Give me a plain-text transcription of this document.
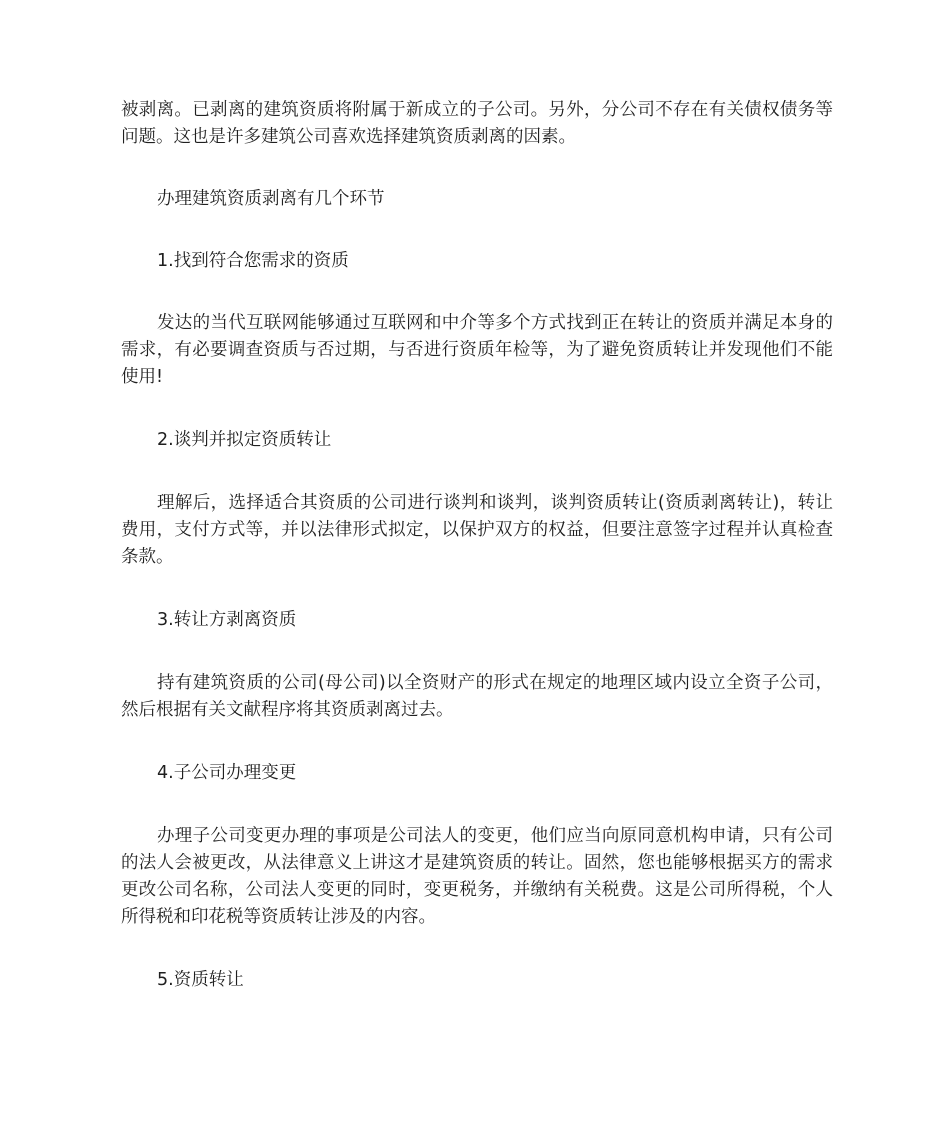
被剥离。已剥离的建筑资质将附属于新成立的子公司。另外，分公司不存在有关债权债务等问题。这也是许多建筑公司喜欢选择建筑资质剥离的因素。

办理建筑资质剥离有几个环节

1.找到符合您需求的资质

发达的当代互联网能够通过互联网和中介等多个方式找到正在转让的资质并满足本身的需求，有必要调查资质与否过期，与否进行资质年检等，为了避免资质转让并发现他们不能使用!

2.谈判并拟定资质转让

理解后，选择适合其资质的公司进行谈判和谈判，谈判资质转让(资质剥离转让)，转让费用，支付方式等，并以法律形式拟定，以保护双方的权益，但要注意签字过程并认真检查条款。

3.转让方剥离资质

持有建筑资质的公司(母公司)以全资财产的形式在规定的地理区域内设立全资子公司，然后根据有关文献程序将其资质剥离过去。

4.子公司办理变更

办理子公司变更办理的事项是公司法人的变更，他们应当向原同意机构申请，只有公司的法人会被更改，从法律意义上讲这才是建筑资质的转让。固然，您也能够根据买方的需求更改公司名称，公司法人变更的同时，变更税务，并缴纳有关税费。这是公司所得税，个人所得税和印花税等资质转让涉及的内容。

5.资质转让
